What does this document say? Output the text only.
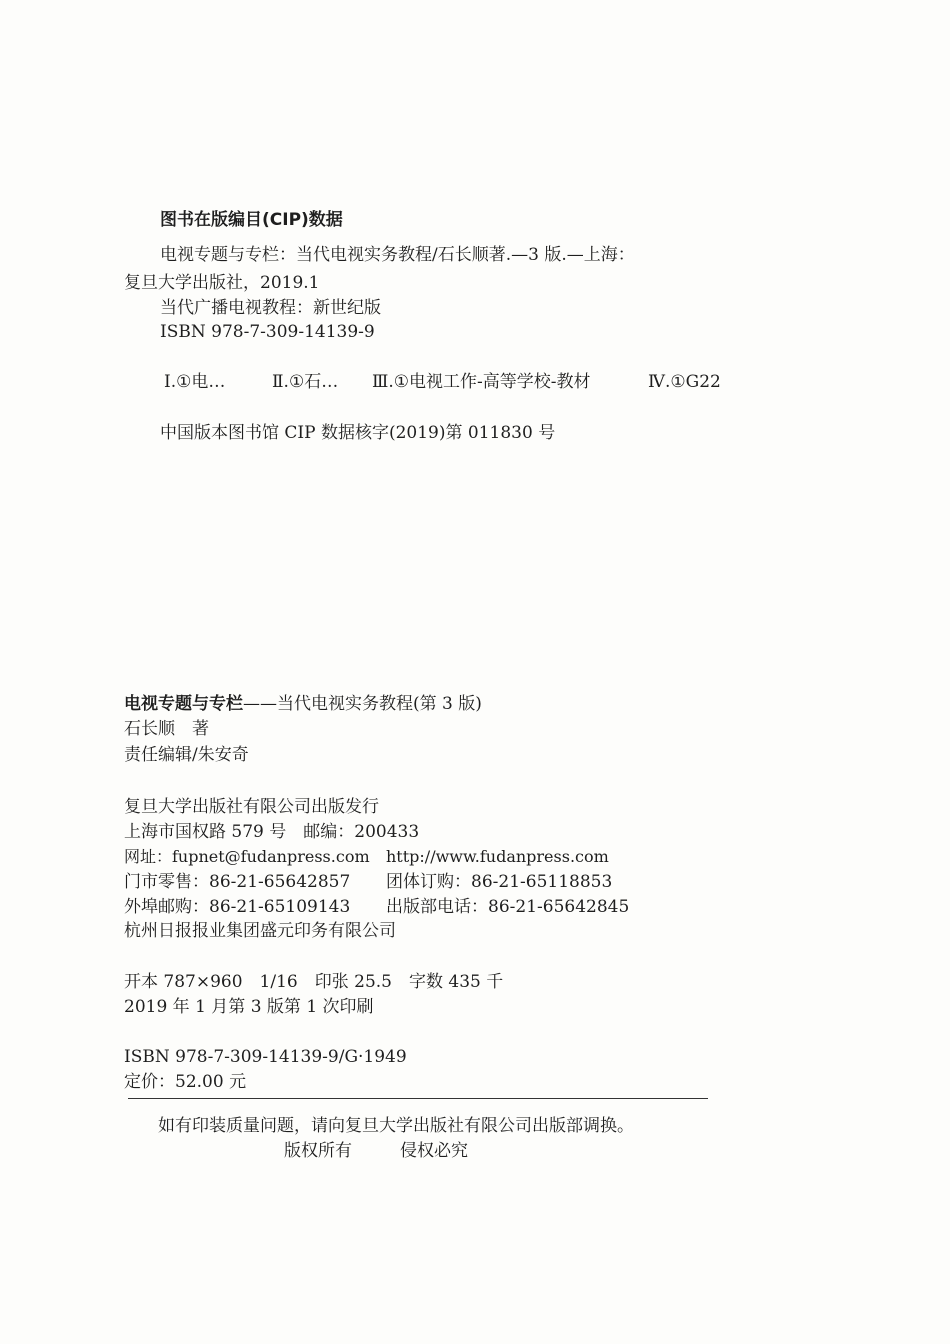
图书在版编目(CIP)数据
电视专题与专栏：当代电视实务教程/石长顺著.—3 版.—上海：
复旦大学出版社，2019.1
当代广播电视教程：新世纪版
ISBN 978-7-309-14139-9
Ⅰ.①电…	Ⅱ.①石… Ⅲ.①电视工作-高等学校-教材	Ⅳ.①G22
中国版本图书馆 CIP 数据核字(2019)第 011830 号
电视专题与专栏——当代电视实务教程(第 3 版)
石长顺　著
责任编辑/朱安奇
复旦大学出版社有限公司出版发行
上海市国权路 579 号　邮编：200433
网址：fupnet@fudanpress.com http://www.fudanpress.com
门市零售：86-21-65642857 团体订购：86-21-65118853
外埠邮购：86-21-65109143 出版部电话：86-21-65642845
杭州日报报业集团盛元印务有限公司
开本 787×960　1/16　印张 25.5　字数 435 千
2019 年 1 月第 3 版第 1 次印刷
ISBN 978-7-309-14139-9/G·1949
定价：52.00 元
如有印装质量问题，请向复旦大学出版社有限公司出版部调换。
版权所有	侵权必究
